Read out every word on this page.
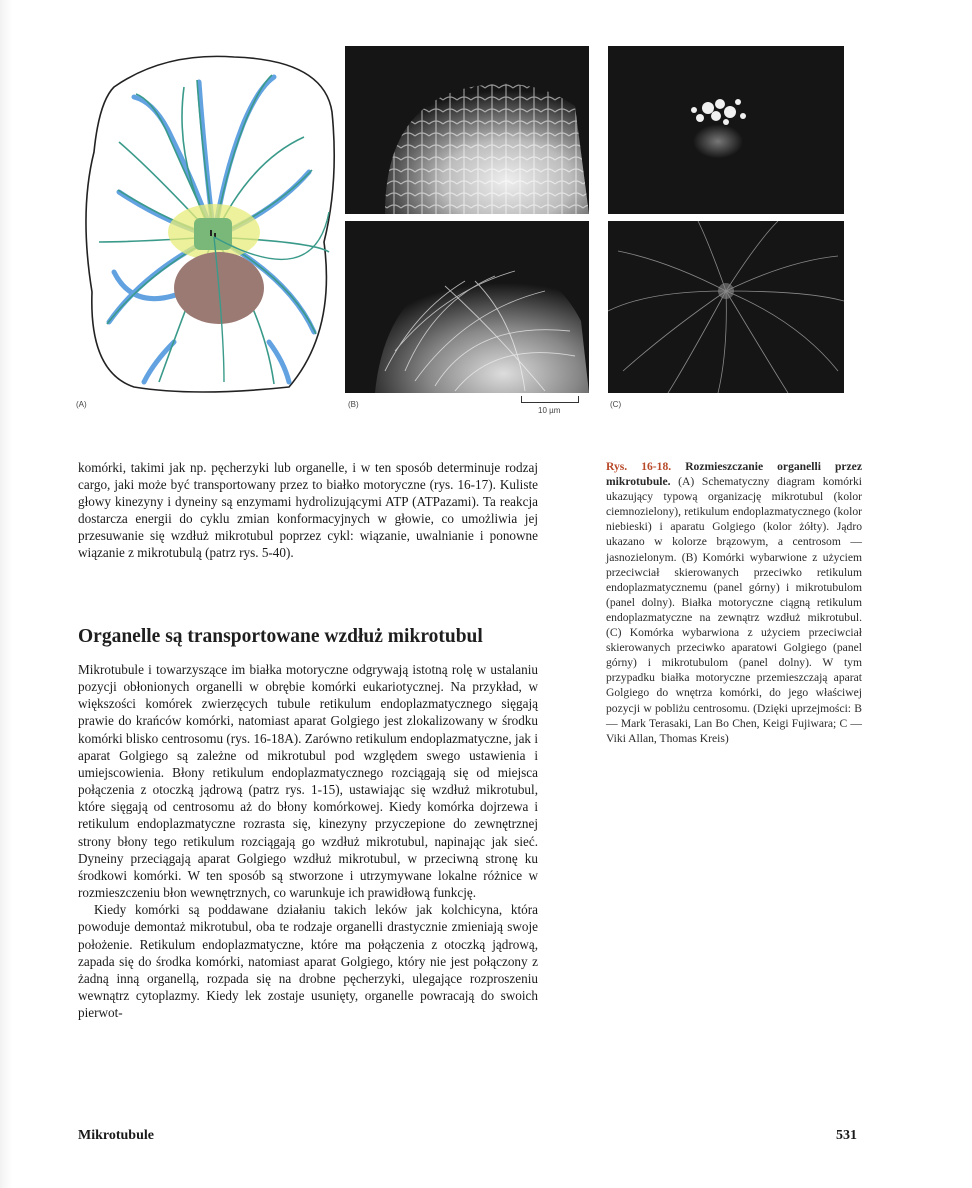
(A)
10 µm
(B)	(C)

komórki, takimi jak np. pęcherzyki lub organelle, i w ten sposób determinuje rodzaj cargo, jaki może być transportowany przez to białko motoryczne (rys. 16-17). Kuliste głowy kinezyny i dyneiny są enzymami hydrolizującymi ATP (ATPazami). Ta reakcja dostarcza energii do cyklu zmian konformacyjnych w głowie, co umożliwia jej przesuwanie się wzdłuż mikrotubul poprzez cykl: wiązanie, uwalnianie i ponowne wiązanie z mikrotubulą (patrz rys. 5-40).

Organelle są transportowane wzdłuż mikrotubul

Mikrotubule i towarzyszące im białka motoryczne odgrywają istotną rolę w ustalaniu pozycji obłonionych organelli w obrębie komórki eukariotycznej. Na przykład, w większości komórek zwierzęcych tubule retikulum endoplazmatycznego sięgają prawie do krańców komórki, natomiast aparat Golgiego jest zlokalizowany w środku komórki blisko centrosomu (rys. 16-18A). Zarówno retikulum endoplazmatyczne, jak i aparat Golgiego są zależne od mikrotubul pod względem swego ustawienia i umiejscowienia. Błony retikulum endoplazmatycznego rozciągają się od miejsca połączenia z otoczką jądrową (patrz rys. 1-15), ustawiając się wzdłuż mikrotubul, które sięgają od centrosomu aż do błony komórkowej. Kiedy komórka dojrzewa i retikulum endoplazmatyczne rozrasta się, kinezyny przyczepione do zewnętrznej strony błony tego retikulum rozciągają go wzdłuż mikrotubul, napinając jak sieć. Dyneiny przeciągają aparat Golgiego wzdłuż mikrotubul, w przeciwną stronę ku środkowi komórki. W ten sposób są stworzone i utrzymywane lokalne różnice w rozmieszczeniu błon wewnętrznych, co warunkuje ich prawidłową funkcję.

Kiedy komórki są poddawane działaniu takich leków jak kolchicyna, która powoduje demontaż mikrotubul, oba te rodzaje organelli drastycznie zmieniają swoje położenie. Retikulum endoplazmatyczne, które ma połączenia z otoczką jądrową, zapada się do środka komórki, natomiast aparat Golgiego, który nie jest połączony z żadną inną organellą, rozpada się na drobne pęcherzyki, ulegające rozproszeniu wewnątrz cytoplazmy. Kiedy lek zostaje usunięty, organelle powracają do swoich pierwot-

Rys. 16-18. Rozmieszczanie organelli przez mikrotubule. (A) Schematyczny diagram komórki ukazujący typową organizację mikrotubul (kolor ciemnozielony), retikulum endoplazmatycznego (kolor niebieski) i aparatu Golgiego (kolor żółty). Jądro ukazano w kolorze brązowym, a centrosom — jasnozielonym. (B) Komórki wybarwione z użyciem przeciwciał skierowanych przeciwko retikulum endoplazmatycznemu (panel górny) i mikrotubulom (panel dolny). Białka motoryczne ciągną retikulum endoplazmatyczne na zewnątrz wzdłuż mikrotubul. (C) Komórka wybarwiona z użyciem przeciwciał skierowanych przeciwko aparatowi Golgiego (panel górny) i mikrotubulom (panel dolny). W tym przypadku białka motoryczne przemieszczają aparat Golgiego do wnętrza komórki, do jego właściwej pozycji w pobliżu centrosomu. (Dzięki uprzejmości: B — Mark Terasaki, Lan Bo Chen, Keigi Fujiwara; C — Viki Allan, Thomas Kreis)
Mikrotubule	531
